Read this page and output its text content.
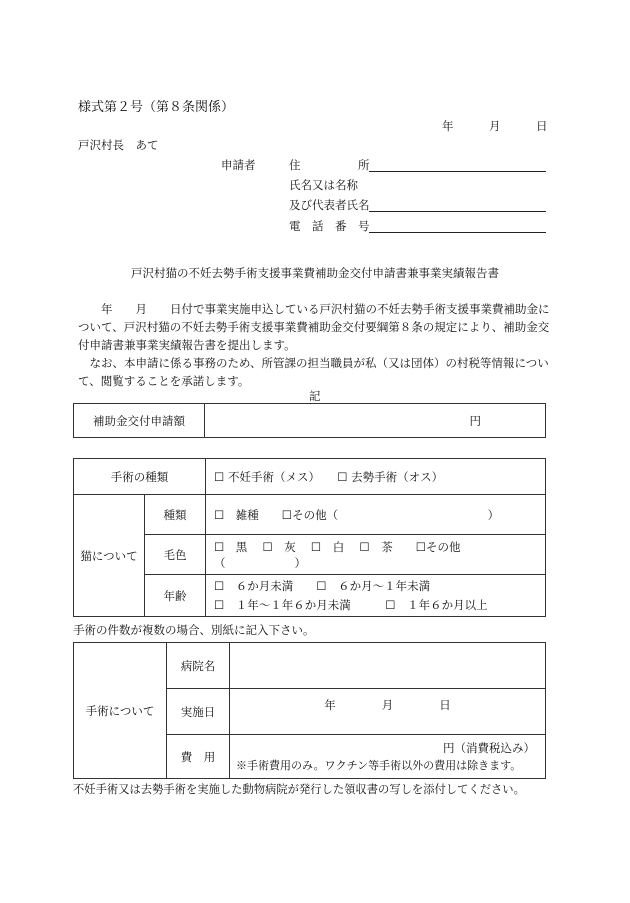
様式第２号（第８条関係）
年	月	日
戸沢村長　あて
申請者	住　　　　　所
氏名又は名称
及び代表者氏名
電　話　番　号
戸沢村猫の不妊去勢手術支援事業費補助金交付申請書兼事業実績報告書
　　年　　月　　日付で事業実施申込している戸沢村猫の不妊去勢手術支援事業費補助金について、戸沢村猫の不妊去勢手術支援事業費補助金交付要綱第８条の規定により、補助金交付申請書兼事業実績報告書を提出します。
　なお、本申請に係る事務のため、所管課の担当職員が私（又は団体）の村税等情報について、閲覧することを承諾します。
記
補助金交付申請額	円
手術の種類		☐ 不妊手術（メス）　　☐ 去勢手術（オス）
猫について	種類	☐　雑種　　☐その他（　　　　　　　　　　　　　）
	毛色	☐　黒　 ☐　灰　 ☐　白　 ☐　茶　　☐その他（　　　　　　）
	年齢	☐　６か月未満　　☐　６か月～１年未満
☐　１年～１年６か月未満　　　☐　１年６か月以上
手術の件数が複数の場合、別紙に記入下さい。
手術について	病院名	
	実施日	年　　　　月　　　　日
	費　用	円（消費税込み）
※手術費用のみ。ワクチン等手術以外の費用は除きます。
不妊手術又は去勢手術を実施した動物病院が発行した領収書の写しを添付してください。
